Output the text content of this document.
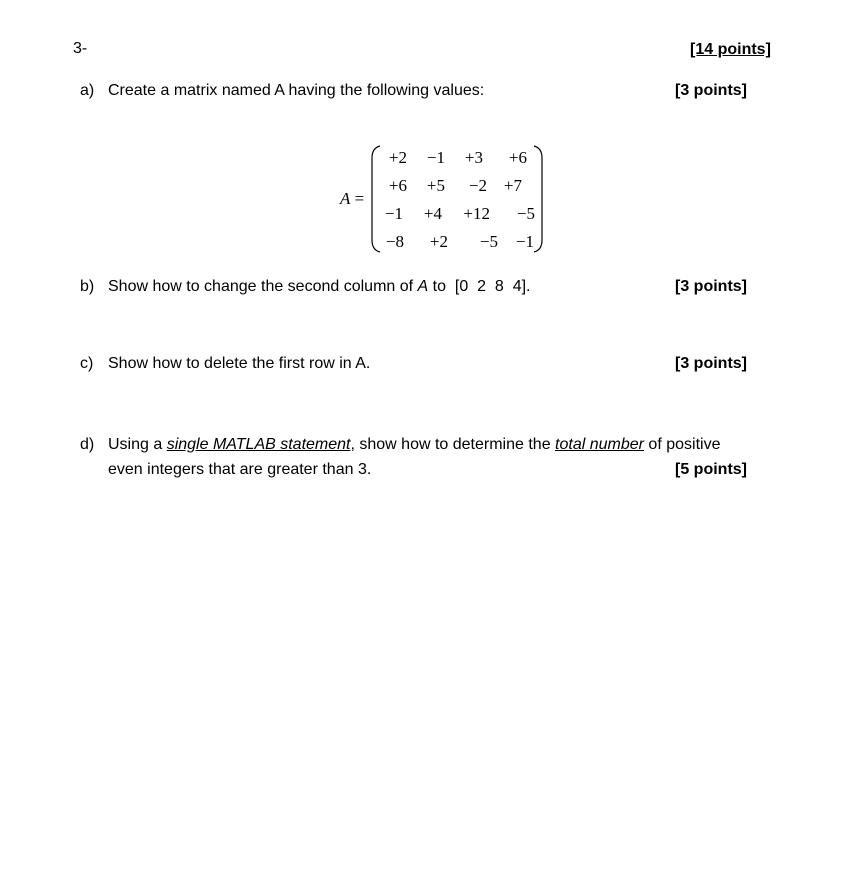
3-	[14 points]
a) Create a matrix named A having the following values:	[3 points]
A =
+2	−1	+3	+6
+6	+5	−2 +7
−1	+4	+12	−5
−8	+2	−5	−1
b) Show how to change the second column of A to  [0  2  8  4].	[3 points]
c) Show how to delete the first row in A.	[3 points]
d) Using a single MATLAB statement, show how to determine the total number of positive
even integers that are greater than 3.	[5 points]
